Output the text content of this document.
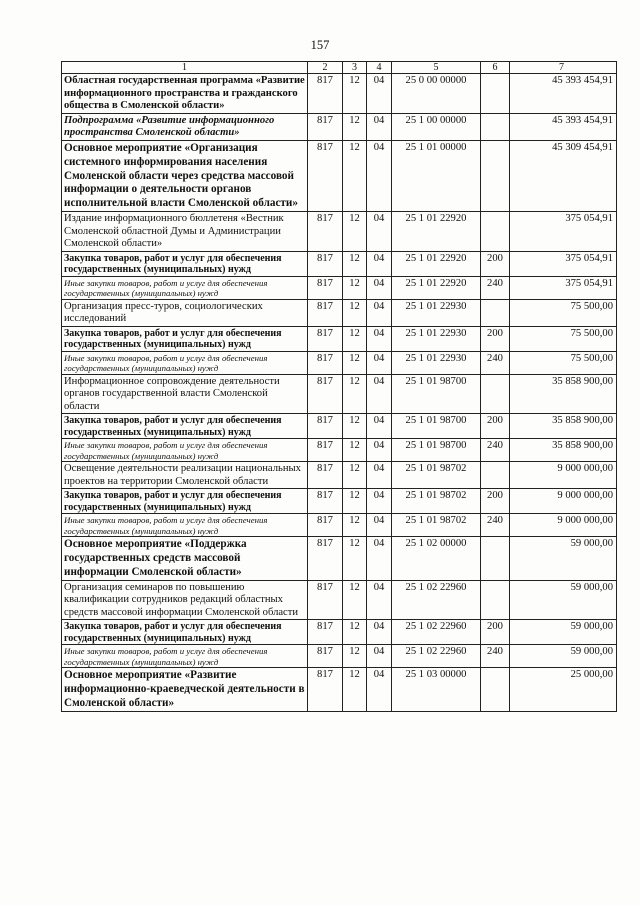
157
1	2	3	4	5	6	7
Областная государственная программа «Развитие информационного пространства и гражданского общества в Смоленской области»	817	12	04	25 0 00 00000		45 393 454,91
Подпрограмма «Развитие информационного пространства Смоленской области»	817	12	04	25 1 00 00000		45 393 454,91
Основное мероприятие «Организация системного информирования населения Смоленской области через средства массовой информации о деятельности органов исполнительной власти Смоленской области»	817	12	04	25 1 01 00000		45 309 454,91
Издание информационного бюллетеня «Вестник Смоленской областной Думы и Администрации Смоленской области»	817	12	04	25 1 01 22920		375 054,91
Закупка товаров, работ и услуг для обеспечения государственных (муниципальных) нужд	817	12	04	25 1 01 22920	200	375 054,91
Иные закупки товаров, работ и услуг для обеспечения государственных (муниципальных) нужд	817	12	04	25 1 01 22920	240	375 054,91
Организация пресс-туров, социологических исследований	817	12	04	25 1 01 22930		75 500,00
Закупка товаров, работ и услуг для обеспечения государственных (муниципальных) нужд	817	12	04	25 1 01 22930	200	75 500,00
Иные закупки товаров, работ и услуг для обеспечения государственных (муниципальных) нужд	817	12	04	25 1 01 22930	240	75 500,00
Информационное сопровождение деятельности органов государственной власти Смоленской области	817	12	04	25 1 01 98700		35 858 900,00
Закупка товаров, работ и услуг для обеспечения государственных (муниципальных) нужд	817	12	04	25 1 01 98700	200	35 858 900,00
Иные закупки товаров, работ и услуг для обеспечения государственных (муниципальных) нужд	817	12	04	25 1 01 98700	240	35 858 900,00
Освещение деятельности реализации национальных проектов на территории Смоленской области	817	12	04	25 1 01 98702		9 000 000,00
Закупка товаров, работ и услуг для обеспечения государственных (муниципальных) нужд	817	12	04	25 1 01 98702	200	9 000 000,00
Иные закупки товаров, работ и услуг для обеспечения государственных (муниципальных) нужд	817	12	04	25 1 01 98702	240	9 000 000,00
Основное мероприятие «Поддержка государственных средств массовой информации Смоленской области»	817	12	04	25 1 02 00000		59 000,00
Организация семинаров по повышению квалификации сотрудников редакций областных средств массовой информации Смоленской области	817	12	04	25 1 02 22960		59 000,00
Закупка товаров, работ и услуг для обеспечения государственных (муниципальных) нужд	817	12	04	25 1 02 22960	200	59 000,00
Иные закупки товаров, работ и услуг для обеспечения государственных (муниципальных) нужд	817	12	04	25 1 02 22960	240	59 000,00
Основное мероприятие «Развитие информационно-краеведческой деятельности в Смоленской области»	817	12	04	25 1 03 00000		25 000,00
